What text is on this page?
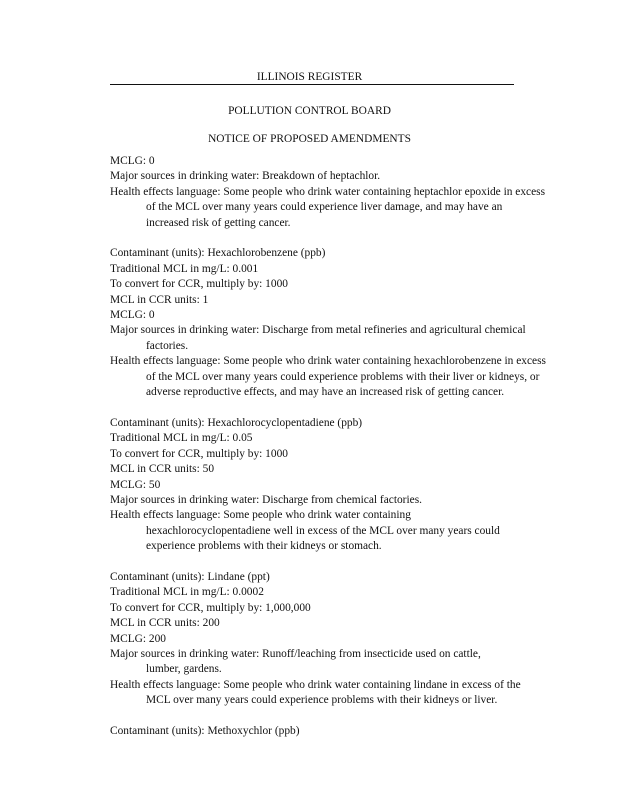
ILLINOIS REGISTER
POLLUTION CONTROL BOARD
NOTICE OF PROPOSED AMENDMENTS

MCLG: 0

Major sources in drinking water: Breakdown of heptachlor.

Health effects language: Some people who drink water containing heptachlor epoxide in excess of the MCL over many years could experience liver damage, and may have an increased risk of getting cancer.

Contaminant (units): Hexachlorobenzene (ppb)

Traditional MCL in mg/L: 0.001

To convert for CCR, multiply by: 1000

MCL in CCR units: 1

MCLG: 0

Major sources in drinking water: Discharge from metal refineries and agricultural chemical factories.

Health effects language: Some people who drink water containing hexachlorobenzene in excess of the MCL over many years could experience problems with their liver or kidneys, or adverse reproductive effects, and may have an increased risk of getting cancer.

Contaminant (units): Hexachlorocyclopentadiene (ppb)

Traditional MCL in mg/L: 0.05

To convert for CCR, multiply by: 1000

MCL in CCR units: 50

MCLG: 50

Major sources in drinking water: Discharge from chemical factories.

Health effects language: Some people who drink water containing hexachlorocyclopentadiene well in excess of the MCL over many years could experience problems with their kidneys or stomach.

Contaminant (units): Lindane (ppt)

Traditional MCL in mg/L: 0.0002

To convert for CCR, multiply by: 1,000,000

MCL in CCR units: 200

MCLG: 200

Major sources in drinking water: Runoff/leaching from insecticide used on cattle, lumber, gardens.

Health effects language: Some people who drink water containing lindane in excess of the MCL over many years could experience problems with their kidneys or liver.

Contaminant (units): Methoxychlor (ppb)
